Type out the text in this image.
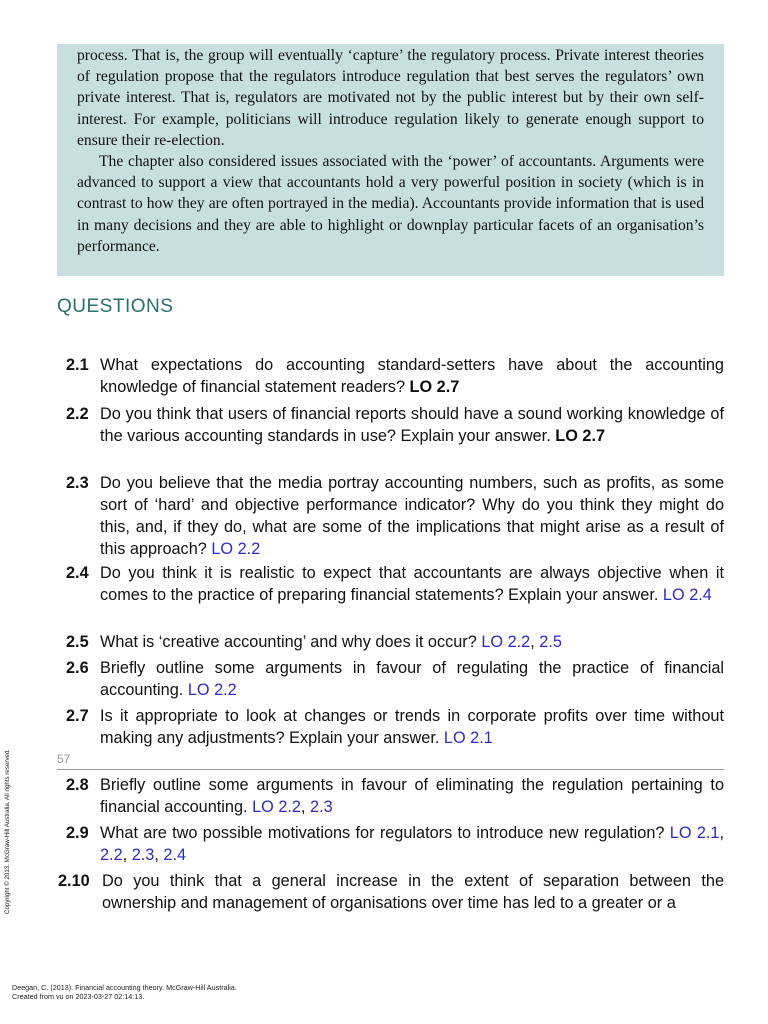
process. That is, the group will eventually ‘capture’ the regulatory process. Private interest theories of regulation propose that the regulators introduce regulation that best serves the regulators’ own private interest. That is, regulators are motivated not by the public interest but by their own self-interest. For example, politicians will introduce regulation likely to generate enough support to ensure their re-election.

The chapter also considered issues associated with the ‘power’ of accountants. Arguments were advanced to support a view that accountants hold a very powerful position in society (which is in contrast to how they are often portrayed in the media). Accountants provide information that is used in many decisions and they are able to highlight or downplay particular facets of an organisation’s performance.

QUESTIONS
2.1 What expectations do accounting standard-setters have about the accounting knowledge of financial statement readers? LO 2.7
2.2 Do you think that users of financial reports should have a sound working knowledge of the various accounting standards in use? Explain your answer. LO 2.7
2.3 Do you believe that the media portray accounting numbers, such as profits, as some sort of ‘hard’ and objective performance indicator? Why do you think they might do this, and, if they do, what are some of the implications that might arise as a result of this approach? LO 2.2
2.4 Do you think it is realistic to expect that accountants are always objective when it comes to the practice of preparing financial statements? Explain your answer. LO 2.4
2.5 What is ‘creative accounting’ and why does it occur? LO 2.2, 2.5
2.6 Briefly outline some arguments in favour of regulating the practice of financial accounting. LO 2.2
2.7 Is it appropriate to look at changes or trends in corporate profits over time without making any adjustments? Explain your answer. LO 2.1
2.8 Briefly outline some arguments in favour of eliminating the regulation pertaining to financial accounting. LO 2.2, 2.3
2.9 What are two possible motivations for regulators to introduce new regulation? LO 2.1, 2.2, 2.3, 2.4
2.10 Do you think that a general increase in the extent of separation between the ownership and management of organisations over time has led to a greater or a
57
Copyright © 2013. McGraw-Hill Australia. All rights reserved.
Deegan, C. (2013). Financial accounting theory. McGraw-Hill Australia.
Created from vu on 2023-03-27 02:14:13.
